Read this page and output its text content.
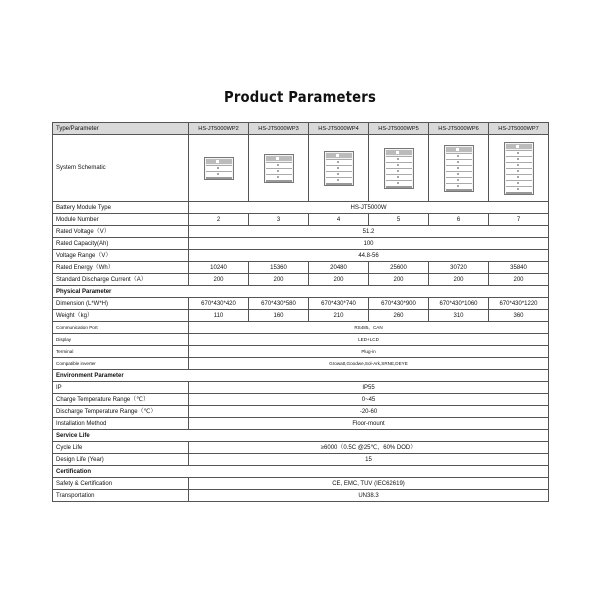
Product Parameters
Type/Parameter	HS-JT5000WP2	HS-JT5000WP3	HS-JT5000WP4	HS-JT5000WP5	HS-JT5000WP6	HS-JT5000WP7
System Schematic	

Battery Module Type	HS-JT5000W					
Module Number	2	3	4	5	6	7
Rated Voltage（V）	51.2					
Rated Capacity(Ah)	100					
Voltage Range（V）	44.8-56					
Rated Energy（Wh）	10240	15360	20480	25600	30720	35840
Standard Discharge Current（A）	200	200	200	200	200	200
Physical Parameter						
Dimension (L*W*H)	670*430*420	670*430*580	670*430*740	670*430*900	670*430*1060	670*430*1220
Weight（kg）	110	160	210	260	310	360
Communication Port	RS485、CAN					
Display	LED+LCD					
Terminal	Plug-in					
Compatible inverter	Growatt,Goodwe,Sol-Ark,SRNE,DEYE					
Environment Parameter						
IP	IP55					
Charge Temperature Range（℃）	0~45					
Discharge Temperature Range（℃）	-20-60					
Installation Method	Floor-mount					
Service Life						
Cycle Life	≥6000（0.5C @25℃，60% DOD）					
Design Life (Year)	15					
Certification						
Safety & Certification	CE, EMC, TUV (IEC62619)					
Transportation	UN38.3					
